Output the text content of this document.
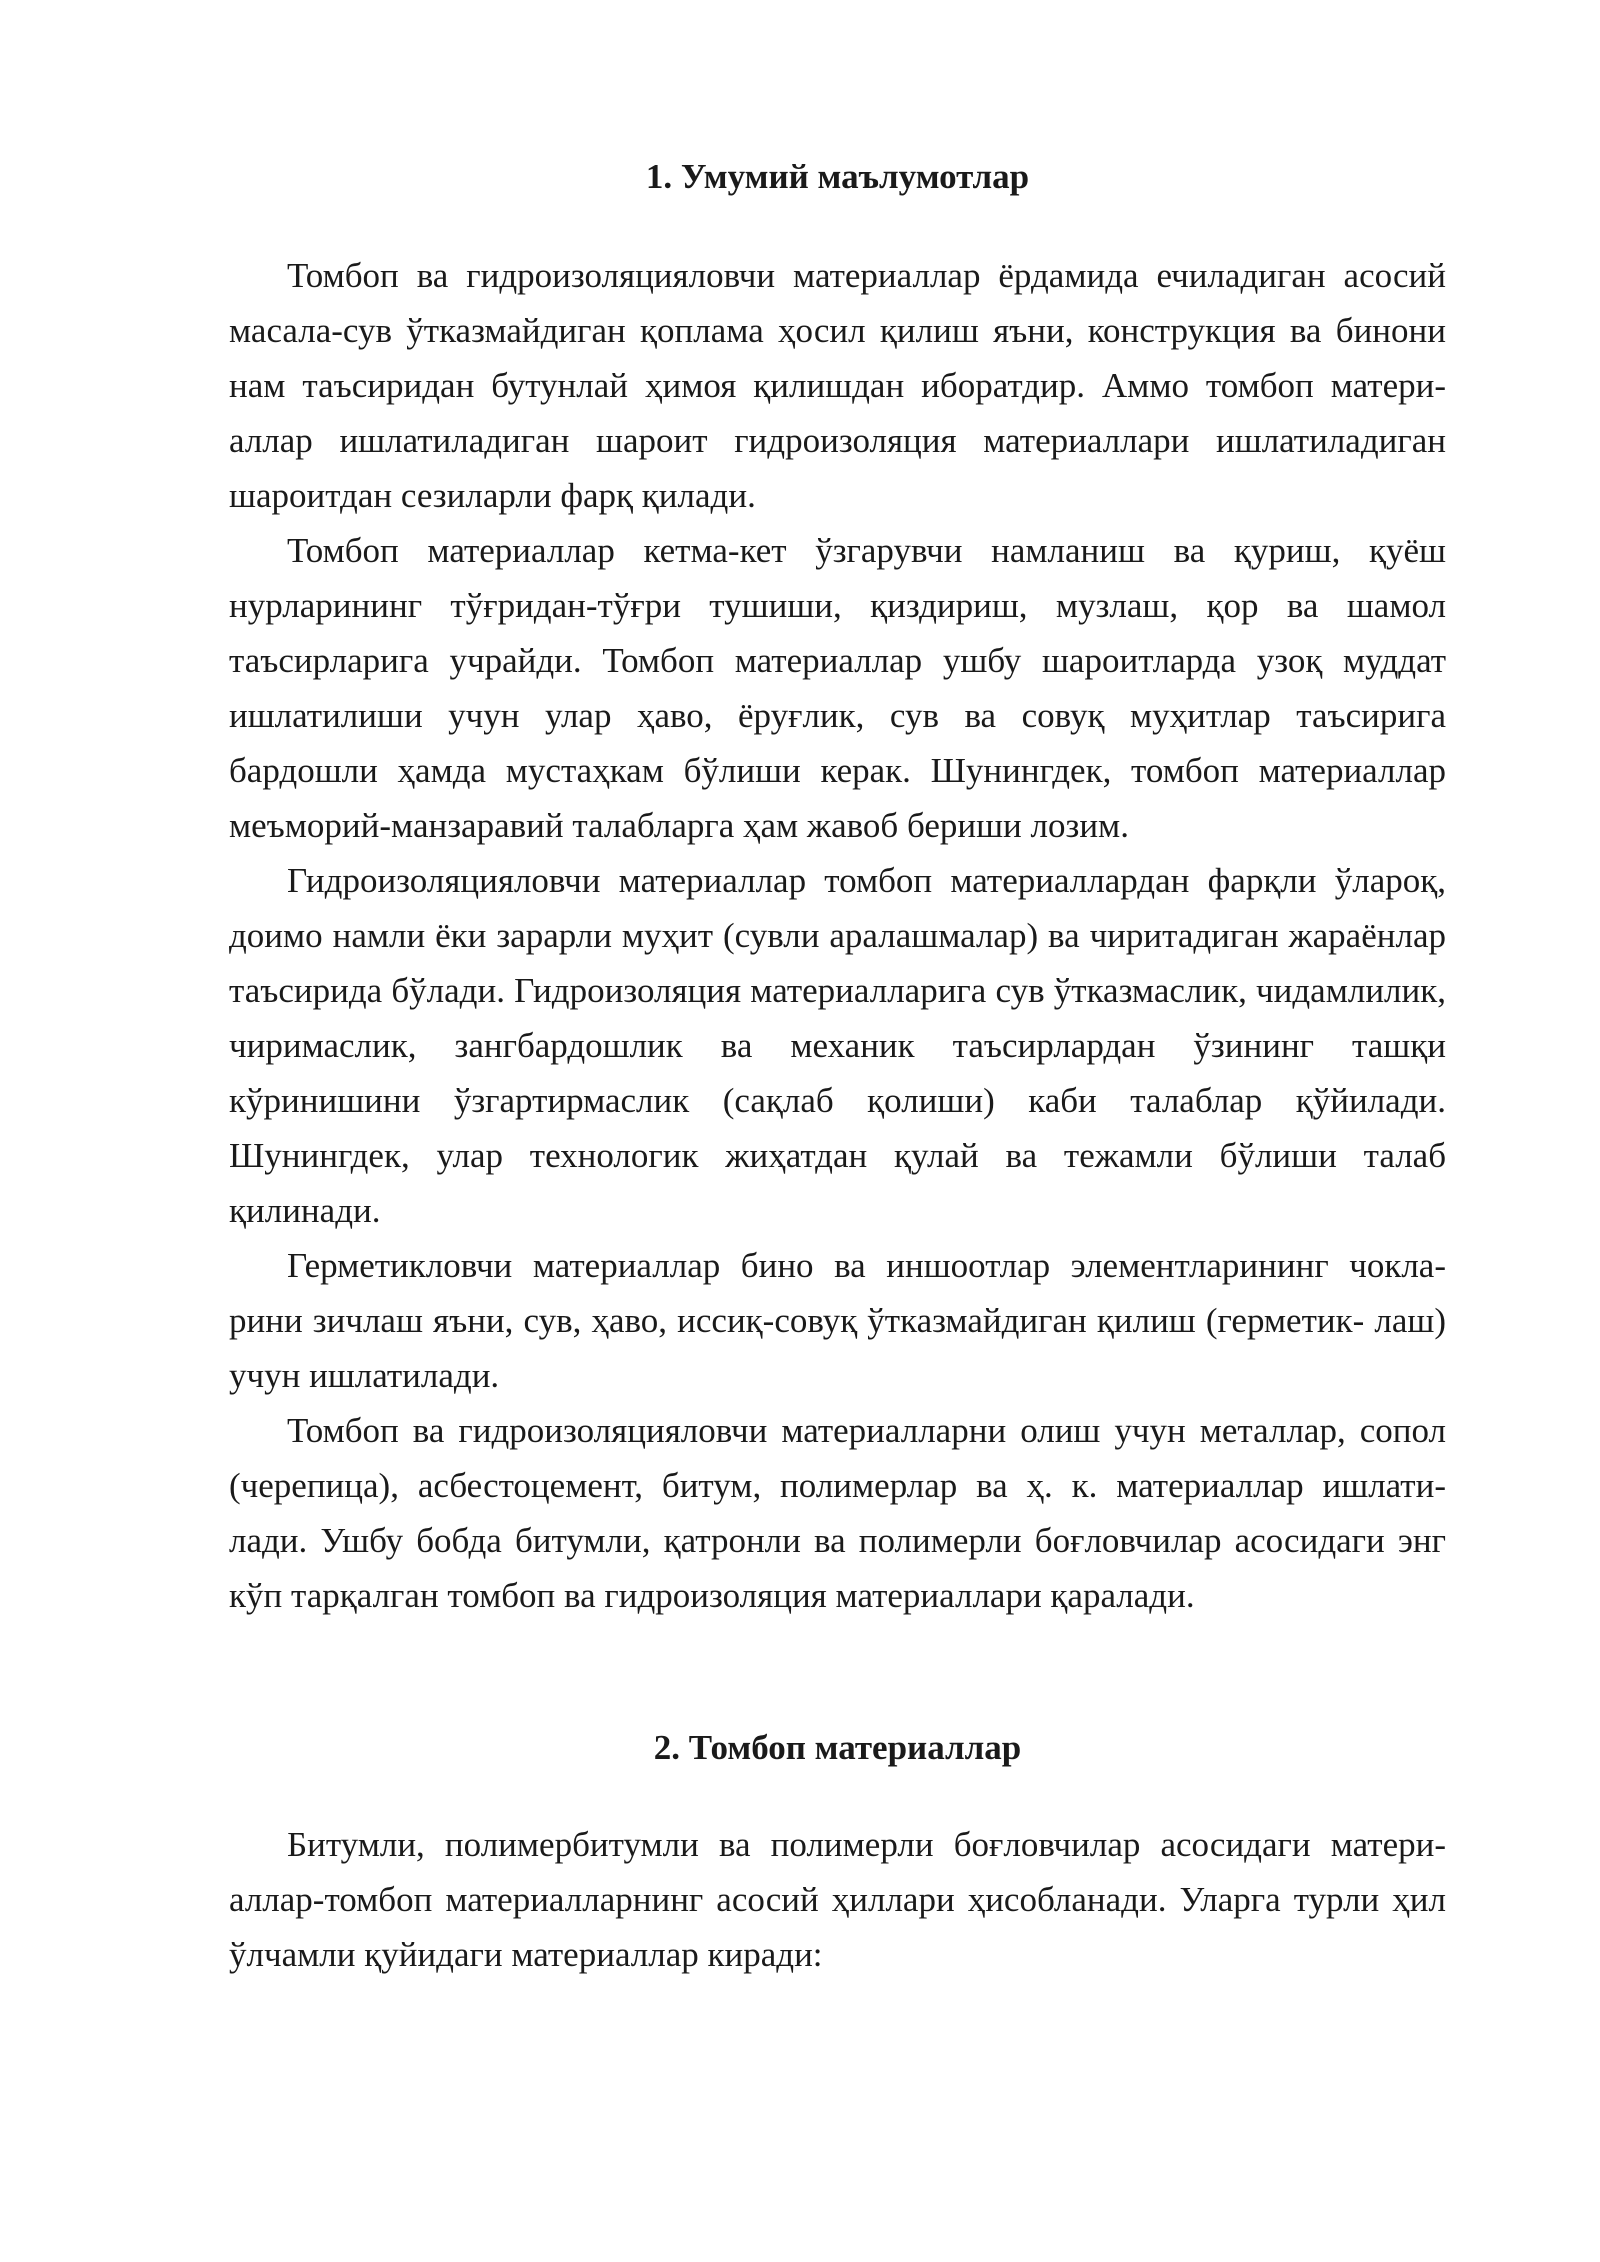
1. Умумий маълумотлар

Томбоп ва гидроизоляцияловчи материаллар ёрдамида ечиладиган асосий масала-сув ўтказмайдиган қоплама ҳосил қилиш яъни, конструкция ва бинони нам таъсиридан бутунлай ҳимоя қилишдан иборатдир. Аммо томбоп матери- аллар ишлатиладиган шароит гидроизоляция материаллари ишлатиладиган шароитдан сезиларли фарқ қилади.

Томбоп материаллар кетма-кет ўзгарувчи намланиш ва қуриш, қуёш нурларининг тўғридан-тўғри тушиши, қиздириш, музлаш, қор ва шамол таъсирларига учрайди. Томбоп материаллар ушбу шароитларда узоқ муддат ишлатилиши учун улар ҳаво, ёруғлик, сув ва совуқ муҳитлар таъсирига бардошли ҳамда мустаҳкам бўлиши керак. Шунингдек, томбоп материаллар меъморий-манзаравий талабларга ҳам жавоб бериши лозим.

Гидроизоляцияловчи материаллар томбоп материаллардан фарқли ўлароқ, доимо намли ёки зарарли муҳит (сувли аралашмалар) ва чиритадиган жараёнлар таъсирида бўлади. Гидроизоляция материалларига сув ўтказмаслик, чидамлилик, чиримаслик, зангбардошлик ва механик таъсирлардан ўзининг ташқи кўринишини ўзгартирмаслик (сақлаб қолиши) каби талаблар қўйилади. Шунингдек, улар технологик жиҳатдан қулай ва тежамли бўлиши талаб қилинади.

Герметикловчи материаллар бино ва иншоотлар элементларининг чокла- рини зичлаш яъни, сув, ҳаво, иссиқ-совуқ ўтказмайдиган қилиш (герметик- лаш) учун ишлатилади.

Томбоп ва гидроизоляцияловчи материалларни олиш учун металлар, сопол (черепица), асбестоцемент, битум, полимерлар ва ҳ. к. материаллар ишлати- лади. Ушбу бобда битумли, қатронли ва полимерли боғловчилар асосидаги энг кўп тарқалган томбоп ва гидроизоляция материаллари қаралади.

2. Томбоп материаллар

Битумли, полимербитумли ва полимерли боғловчилар асосидаги матери- аллар-томбоп материалларнинг асосий ҳиллари ҳисобланади. Уларга турли ҳил ўлчамли қуйидаги материаллар киради:
